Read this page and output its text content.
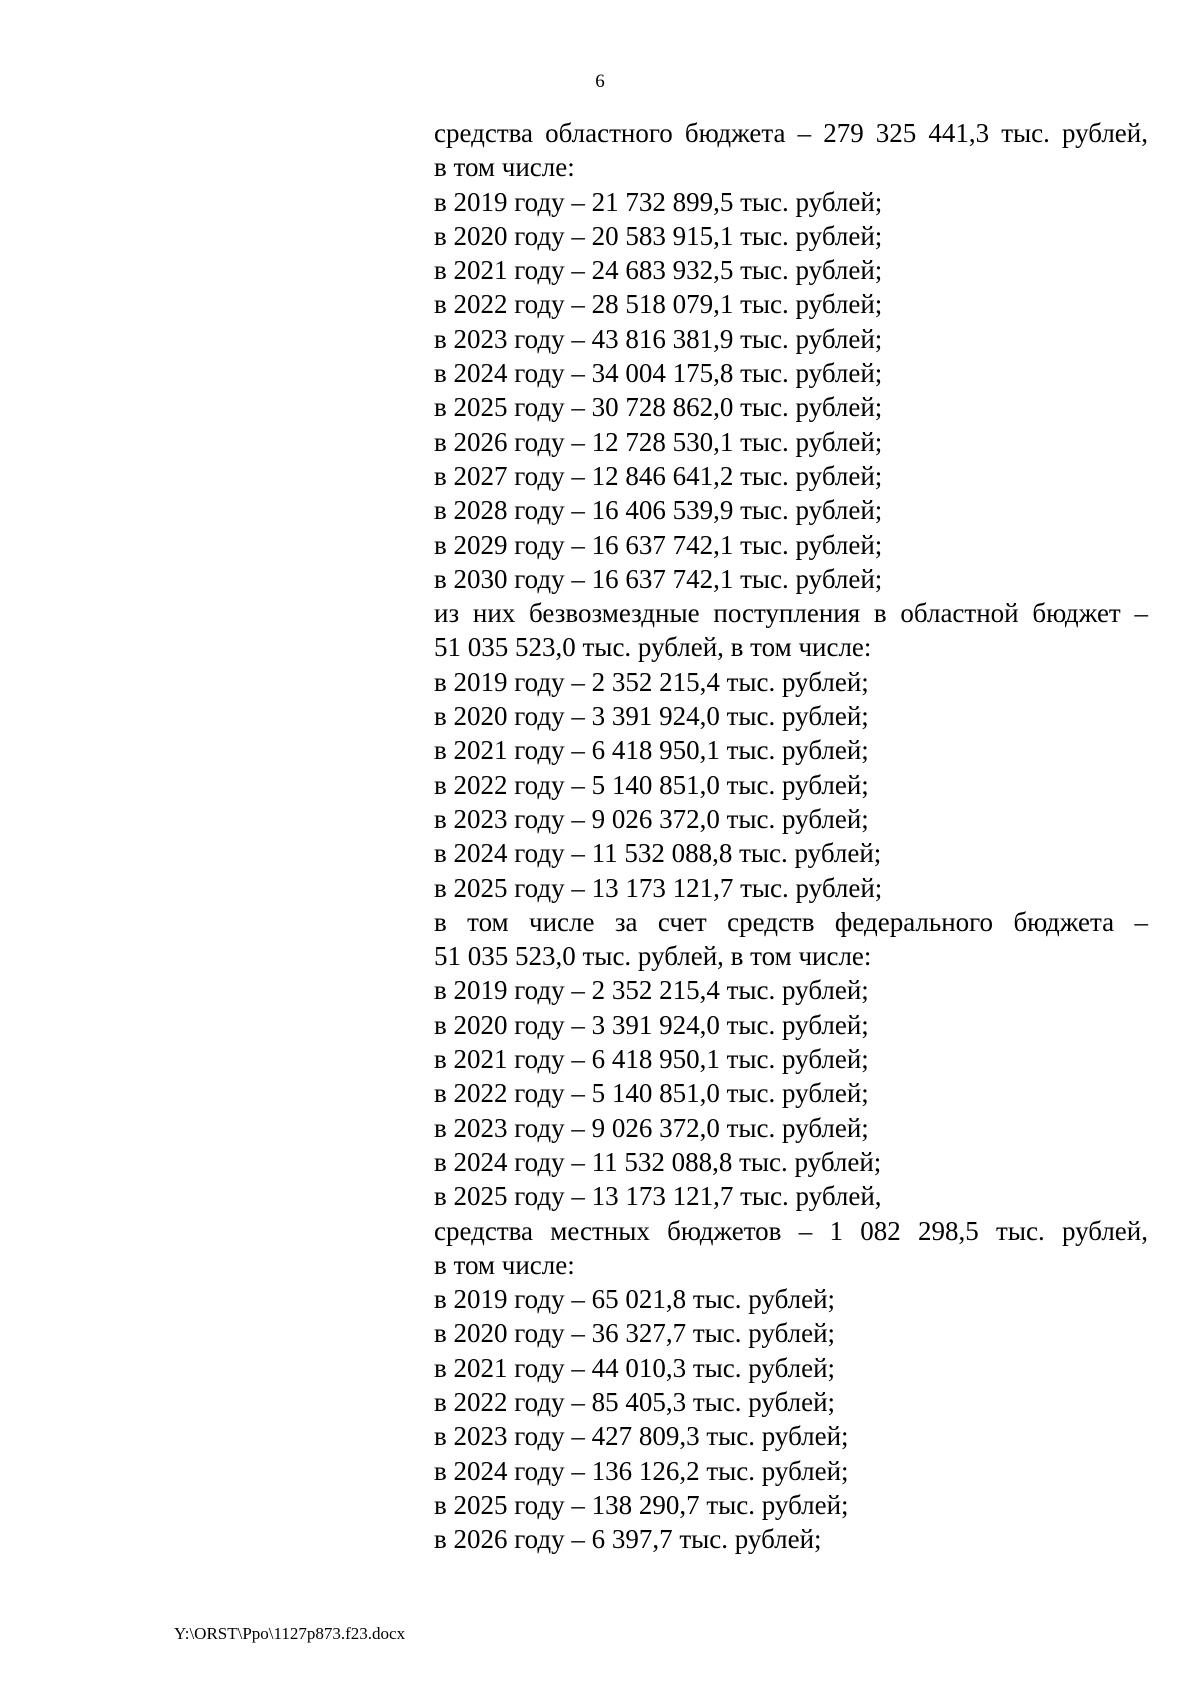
6
средства областного бюджета – 279 325 441,3 тыс. рублей,
в том числе:
в 2019 году – 21 732 899,5 тыс. рублей;
в 2020 году – 20 583 915,1 тыс. рублей;
в 2021 году – 24 683 932,5 тыс. рублей;
в 2022 году – 28 518 079,1 тыс. рублей;
в 2023 году – 43 816 381,9 тыс. рублей;
в 2024 году – 34 004 175,8 тыс. рублей;
в 2025 году – 30 728 862,0 тыс. рублей;
в 2026 году – 12 728 530,1 тыс. рублей;
в 2027 году – 12 846 641,2 тыс. рублей;
в 2028 году – 16 406 539,9 тыс. рублей;
в 2029 году – 16 637 742,1 тыс. рублей;
в 2030 году – 16 637 742,1 тыс. рублей;
из них безвозмездные поступления в областной бюджет –
51 035 523,0 тыс. рублей, в том числе:
в 2019 году – 2 352 215,4 тыс. рублей;
в 2020 году – 3 391 924,0 тыс. рублей;
в 2021 году – 6 418 950,1 тыс. рублей;
в 2022 году – 5 140 851,0 тыс. рублей;
в 2023 году – 9 026 372,0 тыс. рублей;
в 2024 году – 11 532 088,8 тыс. рублей;
в 2025 году – 13 173 121,7 тыс. рублей;
в том числе за счет средств федерального бюджета –
51 035 523,0 тыс. рублей, в том числе:
в 2019 году – 2 352 215,4 тыс. рублей;
в 2020 году – 3 391 924,0 тыс. рублей;
в 2021 году – 6 418 950,1 тыс. рублей;
в 2022 году – 5 140 851,0 тыс. рублей;
в 2023 году – 9 026 372,0 тыс. рублей;
в 2024 году – 11 532 088,8 тыс. рублей;
в 2025 году – 13 173 121,7 тыс. рублей,
средства местных бюджетов – 1 082 298,5 тыс. рублей,
в том числе:
в 2019 году – 65 021,8 тыс. рублей;
в 2020 году – 36 327,7 тыс. рублей;
в 2021 году – 44 010,3 тыс. рублей;
в 2022 году – 85 405,3 тыс. рублей;
в 2023 году – 427 809,3 тыс. рублей;
в 2024 году – 136 126,2 тыс. рублей;
в 2025 году – 138 290,7 тыс. рублей;
в 2026 году – 6 397,7 тыс. рублей;
Y:\ORST\Ppo\1127p873.f23.docx
